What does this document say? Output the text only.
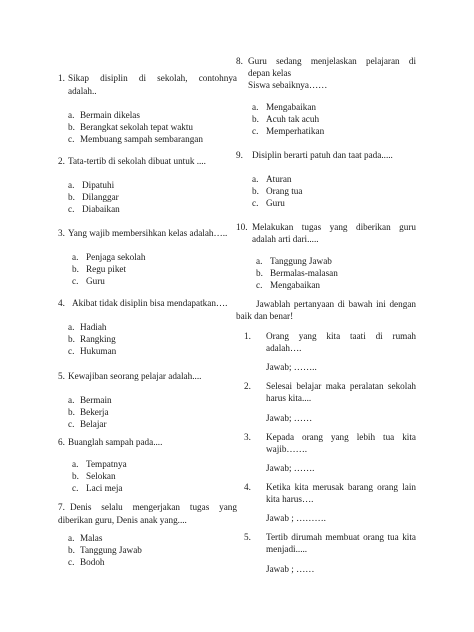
1. Sikap disiplin di sekolah, contohnya
adalah..
a. Bermain dikelas
b. Berangkat sekolah tepat waktu
c. Membuang sampah sembarangan
2. Tata-tertib di sekolah dibuat untuk ....
a. Dipatuhi
b. Dilanggar
c. Diabaikan
3. Yang wajib membersihkan kelas adalah…..
a. Penjaga sekolah
b. Regu piket
c. Guru
4. Akibat tidak disiplin bisa mendapatkan….
a. Hadiah
b. Rangking
c. Hukuman
5. Kewajiban seorang pelajar adalah....
a. Bermain
b. Bekerja
c. Belajar
6. Buanglah sampah pada....
a. Tempatnya
b. Selokan
c. Laci meja
7. Denis selalu mengerjakan tugas yang
diberikan guru, Denis anak yang....
a. Malas
b. Tanggung Jawab
c. Bodoh
8. Guru sedang menjelaskan pelajaran di
depan kelas
Siswa sebaiknya……
a. Mengabaikan
b. Acuh tak acuh
c. Memperhatikan
9. Disiplin berarti patuh dan taat pada.....
a. Aturan
b. Orang tua
c. Guru
10. Melakukan tugas yang diberikan guru
adalah arti dari.....
a. Tanggung Jawab
b. Bermalas-malasan
c. Mengabaikan
Jawablah pertanyaan di bawah ini dengan
baik dan benar!
1. Orang yang kita taati di rumah
adalah….
Jawab; ……..
2. Selesai belajar maka peralatan sekolah
harus kita....
Jawab; ……
3. Kepada orang yang lebih tua kita
wajib…….
Jawab; …….
4. Ketika kita merusak barang orang lain
kita harus….
Jawab ; ……….
5. Tertib dirumah membuat orang tua kita
menjadi.....
Jawab ; ……
